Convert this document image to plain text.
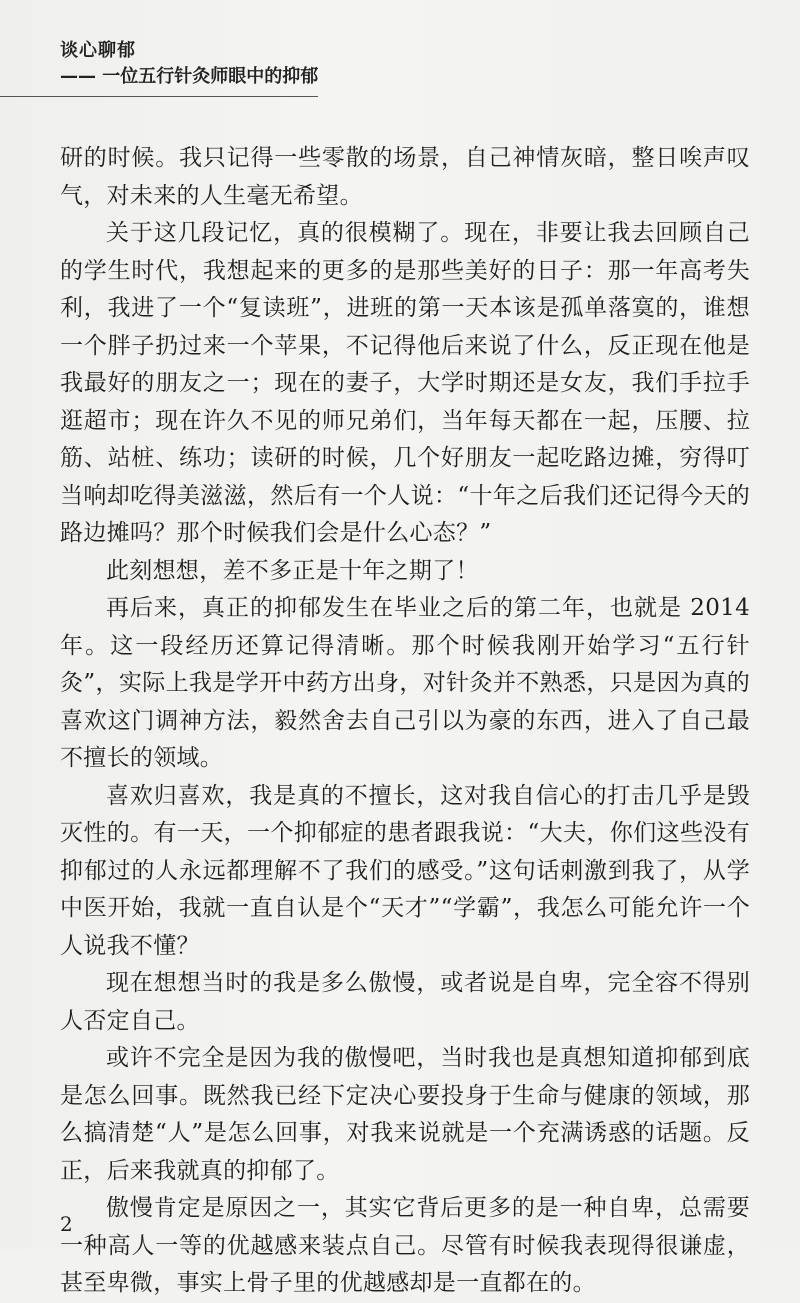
谈心聊郁
—— 一位五行针灸师眼中的抑郁

研的时候。我只记得一些零散的场景，自己神情灰暗，整日唉声叹气，对未来的人生毫无希望。

关于这几段记忆，真的很模糊了。现在，非要让我去回顾自己的学生时代，我想起来的更多的是那些美好的日子：那一年高考失利，我进了一个“复读班”，进班的第一天本该是孤单落寞的，谁想一个胖子扔过来一个苹果，不记得他后来说了什么，反正现在他是我最好的朋友之一；现在的妻子，大学时期还是女友，我们手拉手逛超市；现在许久不见的师兄弟们，当年每天都在一起，压腰、拉筋、站桩、练功；读研的时候，几个好朋友一起吃路边摊，穷得叮当响却吃得美滋滋，然后有一个人说：“十年之后我们还记得今天的路边摊吗？那个时候我们会是什么心态？”

此刻想想，差不多正是十年之期了！

再后来，真正的抑郁发生在毕业之后的第二年，也就是 2014 年。这一段经历还算记得清晰。那个时候我刚开始学习“五行针灸”，实际上我是学开中药方出身，对针灸并不熟悉，只是因为真的喜欢这门调神方法，毅然舍去自己引以为豪的东西，进入了自己最不擅长的领域。

喜欢归喜欢，我是真的不擅长，这对我自信心的打击几乎是毁灭性的。有一天，一个抑郁症的患者跟我说：“大夫，你们这些没有抑郁过的人永远都理解不了我们的感受。”这句话刺激到我了，从学中医开始，我就一直自认是个“天才”“学霸”，我怎么可能允许一个人说我不懂？

现在想想当时的我是多么傲慢，或者说是自卑，完全容不得别人否定自己。

或许不完全是因为我的傲慢吧，当时我也是真想知道抑郁到底是怎么回事。既然我已经下定决心要投身于生命与健康的领域，那么搞清楚“人”是怎么回事，对我来说就是一个充满诱惑的话题。反正，后来我就真的抑郁了。

傲慢肯定是原因之一，其实它背后更多的是一种自卑，总需要一种高人一等的优越感来装点自己。尽管有时候我表现得很谦虚，甚至卑微，事实上骨子里的优越感却是一直都在的。

2
